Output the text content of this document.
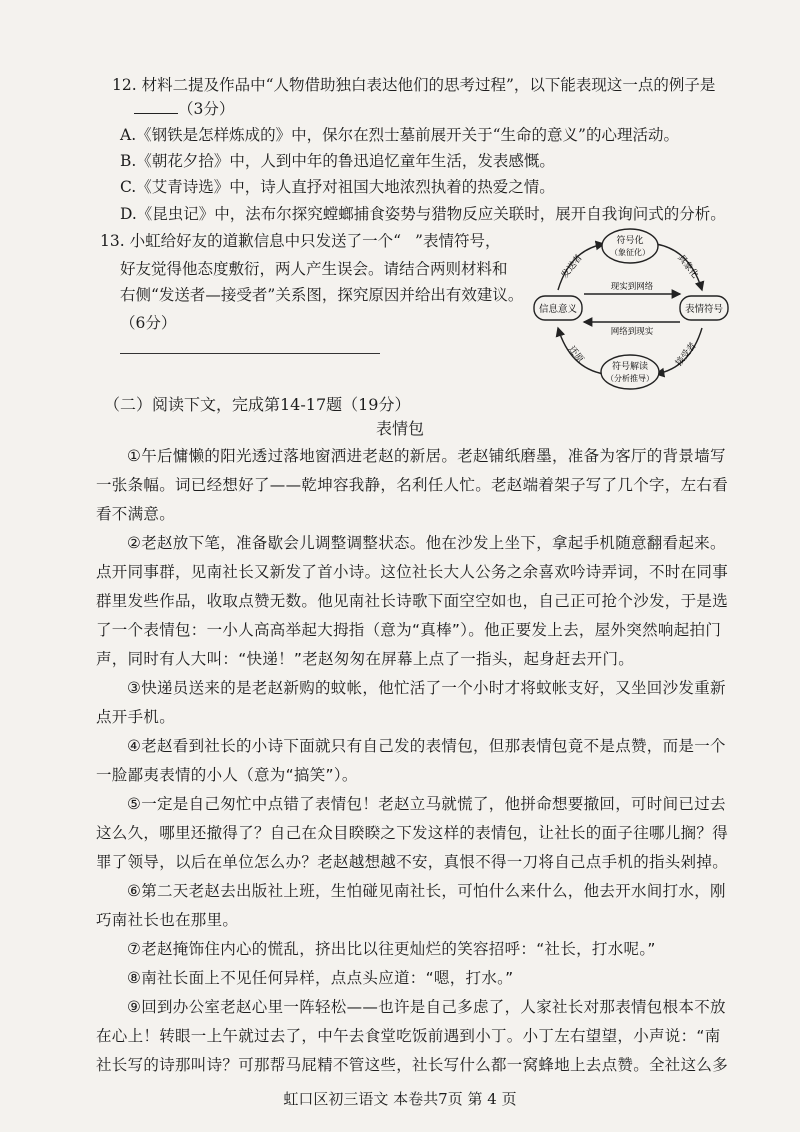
12. 材料二提及作品中“人物借助独白表达他们的思考过程”，以下能表现这一点的例子是
（3分）
A.《钢铁是怎样炼成的》中，保尔在烈士墓前展开关于“生命的意义”的心理活动。
B.《朝花夕拾》中，人到中年的鲁迅追忆童年生活，发表感慨。
C.《艾青诗选》中，诗人直抒对祖国大地浓烈执着的热爱之情。
D.《昆虫记》中，法布尔探究螳螂捕食姿势与猎物反应关联时，展开自我询问式的分析。
13. 小虹给好友的道歉信息中只发送了一个“ ”表情符号，
好友觉得他态度敷衍，两人产生误会。请结合两则材料和
右侧“发送者—接受者”关系图，探究原因并给出有效建议。
（6分）
符号化
（象征化）
信息意义	表情符号
符号解读
（分析推导）
现实到网络
网络到现实
发送者	具象化
还原	接受者
（二）阅读下文，完成第14-17题（19分）
表情包

①午后慵懒的阳光透过落地窗洒进老赵的新居。老赵铺纸磨墨，准备为客厅的背景墙写一张条幅。词已经想好了——乾坤容我静，名利任人忙。老赵端着架子写了几个字，左右看看不满意。

②老赵放下笔，准备歇会儿调整调整状态。他在沙发上坐下，拿起手机随意翻看起来。点开同事群，见南社长又新发了首小诗。这位社长大人公务之余喜欢吟诗弄词，不时在同事群里发些作品，收取点赞无数。他见南社长诗歌下面空空如也，自己正可抢个沙发，于是选了一个表情包：一小人高高举起大拇指（意为“真棒”）。他正要发上去，屋外突然响起拍门声，同时有人大叫：“快递！”老赵匆匆在屏幕上点了一指头，起身赶去开门。

③快递员送来的是老赵新购的蚊帐，他忙活了一个小时才将蚊帐支好，又坐回沙发重新点开手机。

④老赵看到社长的小诗下面就只有自己发的表情包，但那表情包竟不是点赞，而是一个一脸鄙夷表情的小人（意为“搞笑”）。

⑤一定是自己匆忙中点错了表情包！老赵立马就慌了，他拼命想要撤回，可时间已过去这么久，哪里还撤得了？自己在众目睽睽之下发这样的表情包，让社长的面子往哪儿搁？得罪了领导，以后在单位怎么办？老赵越想越不安，真恨不得一刀将自己点手机的指头剁掉。

⑥第二天老赵去出版社上班，生怕碰见南社长，可怕什么来什么，他去开水间打水，刚巧南社长也在那里。

⑦老赵掩饰住内心的慌乱，挤出比以往更灿烂的笑容招呼：“社长，打水呢。”

⑧南社长面上不见任何异样，点点头应道：“嗯，打水。”

⑨回到办公室老赵心里一阵轻松——也许是自己多虑了，人家社长对那表情包根本不放在心上！转眼一上午就过去了，中午去食堂吃饭前遇到小丁。小丁左右望望，小声说：“南社长写的诗那叫诗？可那帮马屁精不管这些，社长写什么都一窝蜂地上去点赞。全社这么多

虹口区初三语文 本卷共7页 第 4 页
